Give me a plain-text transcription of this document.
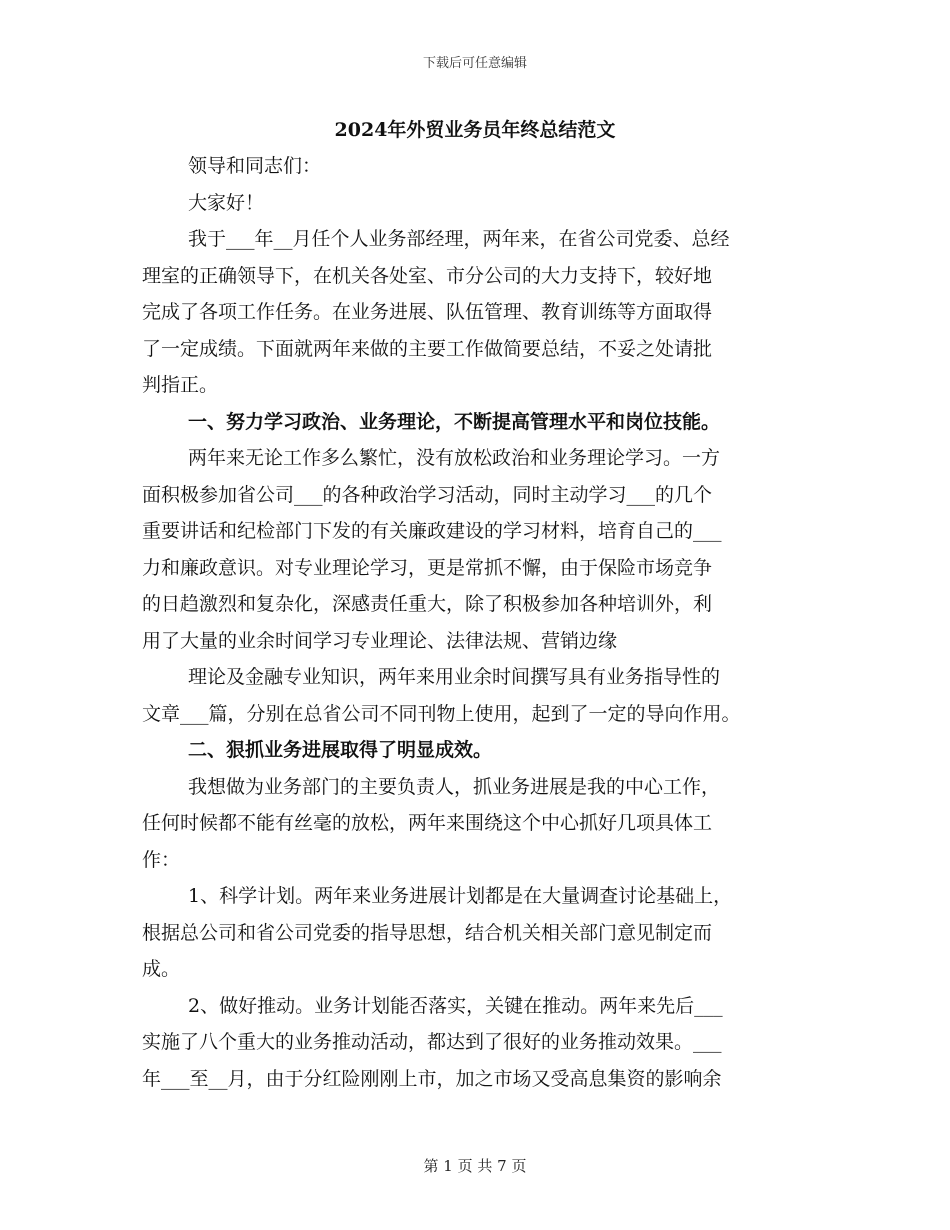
下载后可任意编辑
2024年外贸业务员年终总结范文
领导和同志们：
大家好！
我于___年__月任个人业务部经理，两年来，在省公司党委、总经
理室的正确领导下，在机关各处室、市分公司的大力支持下，较好地
完成了各项工作任务。在业务进展、队伍管理、教育训练等方面取得
了一定成绩。下面就两年来做的主要工作做简要总结，不妥之处请批
判指正。
一、努力学习政治、业务理论，不断提高管理水平和岗位技能。
两年来无论工作多么繁忙，没有放松政治和业务理论学习。一方
面积极参加省公司___的各种政治学习活动，同时主动学习___的几个
重要讲话和纪检部门下发的有关廉政建设的学习材料，培育自己的___
力和廉政意识。对专业理论学习，更是常抓不懈，由于保险市场竞争
的日趋激烈和复杂化，深感责任重大，除了积极参加各种培训外，利
用了大量的业余时间学习专业理论、法律法规、营销边缘
理论及金融专业知识，两年来用业余时间撰写具有业务指导性的
文章___篇，分别在总省公司不同刊物上使用，起到了一定的导向作用。
二、狠抓业务进展取得了明显成效。
我想做为业务部门的主要负责人，抓业务进展是我的中心工作，
任何时候都不能有丝毫的放松，两年来围绕这个中心抓好几项具体工
作：
1、科学计划。两年来业务进展计划都是在大量调查讨论基础上，
根据总公司和省公司党委的指导思想，结合机关相关部门意见制定而
成。
2、做好推动。业务计划能否落实，关键在推动。两年来先后___
实施了八个重大的业务推动活动，都达到了很好的业务推动效果。___
年___至__月，由于分红险刚刚上市，加之市场又受高息集资的影响余
第 1 页 共 7 页
